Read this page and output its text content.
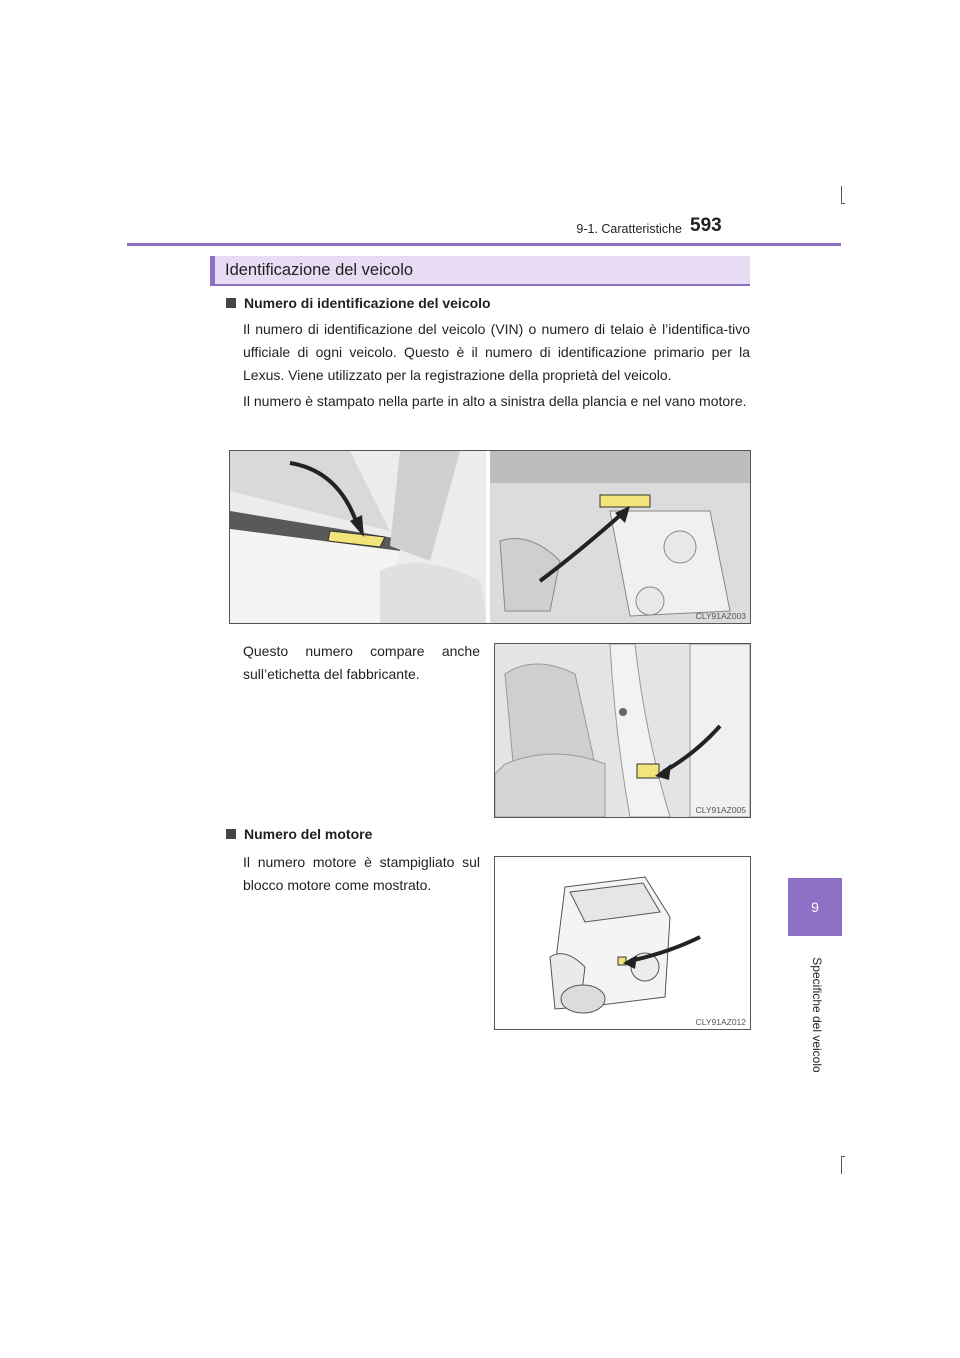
9-1. Caratteristiche 593
9
Specifiche del veicolo
Identificazione del veicolo
Numero di identificazione del veicolo
Il numero di identificazione del veicolo (VIN) o numero di telaio è l’identifica-tivo ufficiale di ogni veicolo. Questo è il numero di identificazione primario per la Lexus. Viene utilizzato per la registrazione della proprietà del veicolo.
Il numero è stampato nella parte in alto a sinistra della plancia e nel vano motore.
CLY91AZ003
Questo numero compare anche sull’etichetta del fabbricante.
CLY91AZ005
Numero del motore
Il numero motore è stampigliato sul blocco motore come mostrato.
CLY91AZ012
